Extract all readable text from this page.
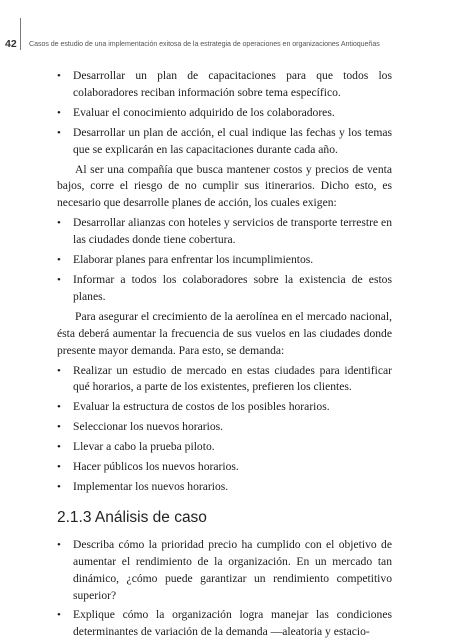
42 Casos de estudio de una implementación exitosa de la estrategia de operaciones en organizaciones Antioqueñas
• Desarrollar un plan de capacitaciones para que todos los colaboradores reciban información sobre tema específico.
• Evaluar el conocimiento adquirido de los colaboradores.
• Desarrollar un plan de acción, el cual indique las fechas y los temas que se explicarán en las capacitaciones durante cada año.

Al ser una compañía que busca mantener costos y precios de venta bajos, corre el riesgo de no cumplir sus itinerarios. Dicho esto, es necesario que desarrolle planes de acción, los cuales exigen:

• Desarrollar alianzas con hoteles y servicios de transporte terrestre en las ciudades donde tiene cobertura.
• Elaborar planes para enfrentar los incumplimientos.
• Informar a todos los colaboradores sobre la existencia de estos planes.

Para asegurar el crecimiento de la aerolínea en el mercado nacional, ésta deberá aumentar la frecuencia de sus vuelos en las ciudades donde presente mayor demanda. Para esto, se demanda:

• Realizar un estudio de mercado en estas ciudades para identificar qué horarios, a parte de los existentes, prefieren los clientes.
• Evaluar la estructura de costos de los posibles horarios.
• Seleccionar los nuevos horarios.
• Llevar a cabo la prueba piloto.
• Hacer públicos los nuevos horarios.
• Implementar los nuevos horarios.
2.1.3 Análisis de caso
• Describa cómo la prioridad precio ha cumplido con el objetivo de aumentar el rendimiento de la organización. En un mercado tan dinámico, ¿cómo puede garantizar un rendimiento competitivo superior?
• Explique cómo la organización logra manejar las condiciones determinantes de variación de la demanda —aleatoria y estacio-
